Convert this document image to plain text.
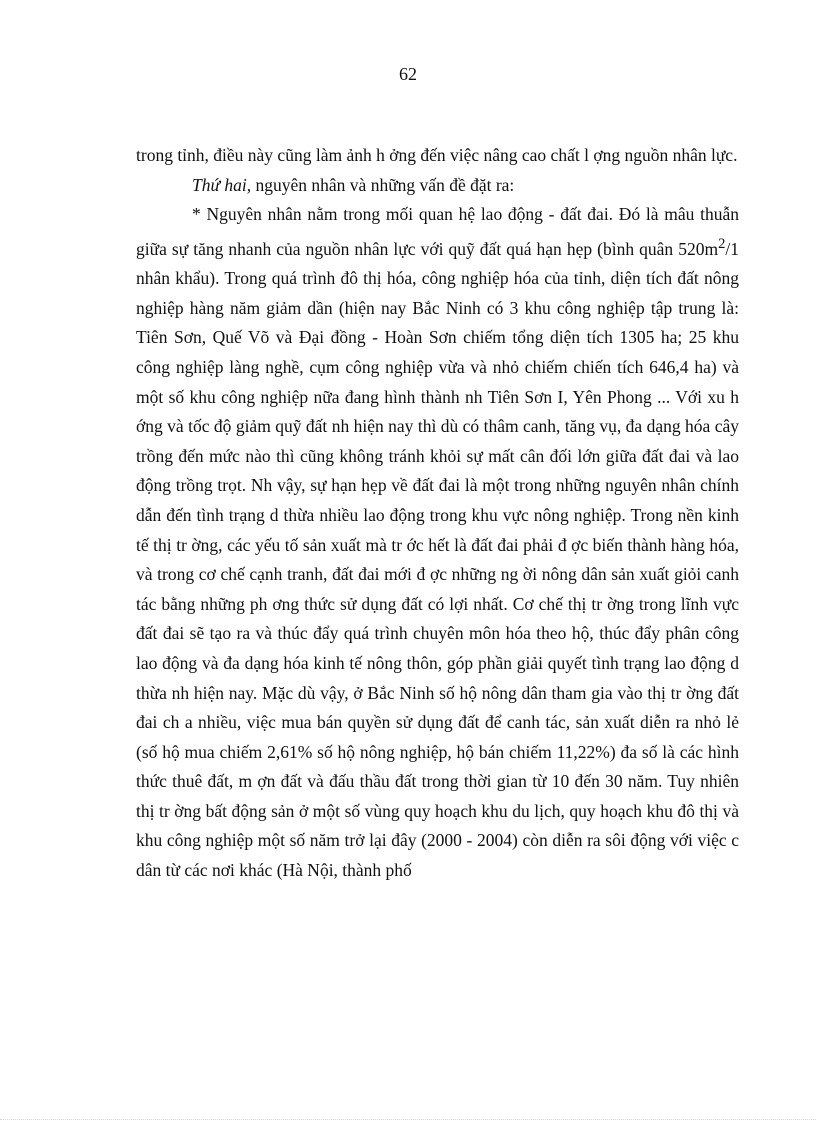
62

trong tỉnh, điều này cũng làm ảnh h ởng đến việc nâng cao chất l ợng nguồn nhân lực.

Thứ hai, nguyên nhân và những vấn đề đặt ra:

* Nguyên nhân nằm trong mối quan hệ lao động - đất đai. Đó là mâu thuẫn giữa sự tăng nhanh của nguồn nhân lực với quỹ đất quá hạn hẹp (bình quân $520m^2/1$ nhân khẩu). Trong quá trình đô thị hóa, công nghiệp hóa của tỉnh, diện tích đất nông nghiệp hàng năm giảm dần (hiện nay Bắc Ninh có 3 khu công nghiệp tập trung là: Tiên Sơn, Quế Võ và Đại đồng - Hoàn Sơn chiếm tổng diện tích 1305 ha; 25 khu công nghiệp làng nghề, cụm công nghiệp vừa và nhỏ chiếm chiến tích 646,4 ha) và một số khu công nghiệp nữa đang hình thành nh Tiên Sơn I, Yên Phong ... Với xu h ớng và tốc độ giảm quỹ đất nh hiện nay thì dù có thâm canh, tăng vụ, đa dạng hóa cây trồng đến mức nào thì cũng không tránh khỏi sự mất cân đối lớn giữa đất đai và lao động trồng trọt. Nh vậy, sự hạn hẹp về đất đai là một trong những nguyên nhân chính dẫn đến tình trạng d thừa nhiều lao động trong khu vực nông nghiệp. Trong nền kinh tế thị tr ờng, các yếu tố sản xuất mà tr ớc hết là đất đai phải đ ợc biến thành hàng hóa, và trong cơ chế cạnh tranh, đất đai mới đ ợc những ng ời nông dân sản xuất giỏi canh tác bằng những ph ơng thức sử dụng đất có lợi nhất. Cơ chế thị tr ờng trong lĩnh vực đất đai sẽ tạo ra và thúc đẩy quá trình chuyên môn hóa theo hộ, thúc đẩy phân công lao động và đa dạng hóa kinh tế nông thôn, góp phần giải quyết tình trạng lao động d thừa nh hiện nay. Mặc dù vậy, ở Bắc Ninh số hộ nông dân tham gia vào thị tr ờng đất đai ch a nhiều, việc mua bán quyền sử dụng đất để canh tác, sản xuất diễn ra nhỏ lẻ (số hộ mua chiếm 2,61% số hộ nông nghiệp, hộ bán chiếm 11,22%) đa số là các hình thức thuê đất, m ợn đất và đấu thầu đất trong thời gian từ 10 đến 30 năm. Tuy nhiên thị tr ờng bất động sản ở một số vùng quy hoạch khu du lịch, quy hoạch khu đô thị và khu công nghiệp một số năm trở lại đây (2000 - 2004) còn diễn ra sôi động với việc c dân từ các nơi khác (Hà Nội, thành phố
